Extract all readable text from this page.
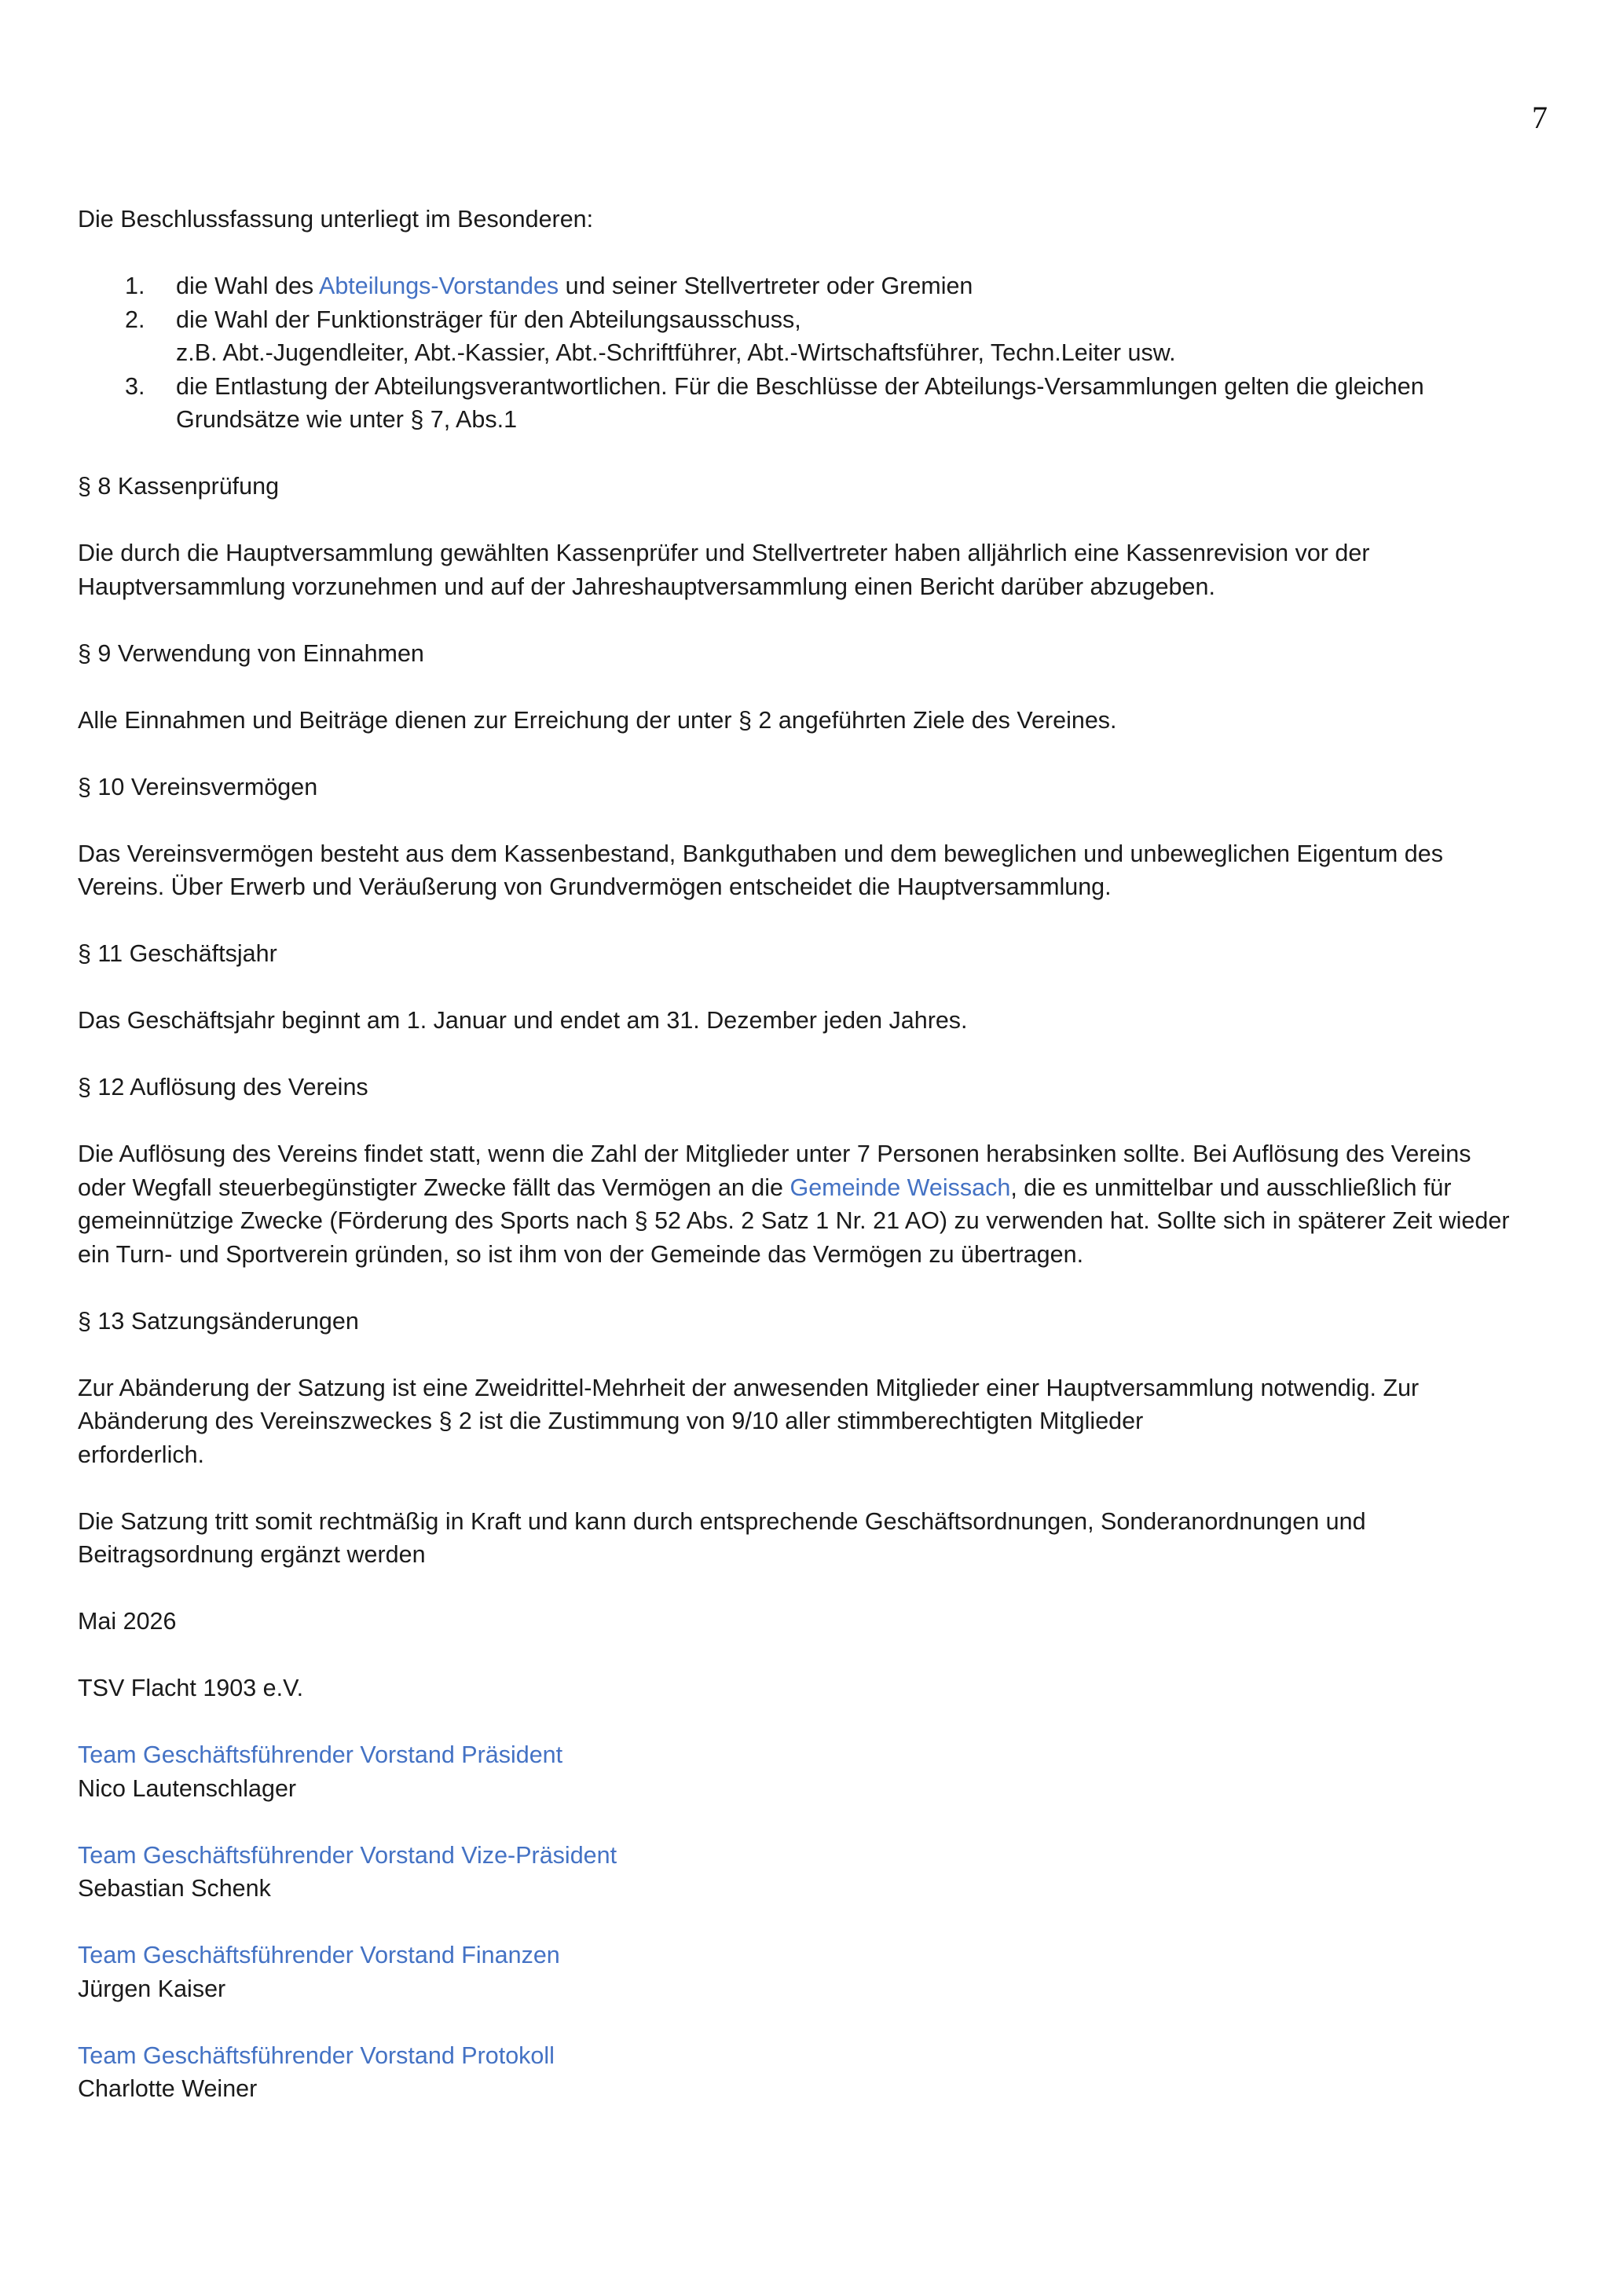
7

Die Beschlussfassung unterliegt im Besonderen:

1. die Wahl des Abteilungs-Vorstandes und seiner Stellvertreter oder Gremien
2. die Wahl der Funktionsträger für den Abteilungsausschuss,
z.B. Abt.-Jugendleiter, Abt.-Kassier, Abt.-Schriftführer, Abt.-Wirtschaftsführer, Techn.Leiter usw.
3. die Entlastung der Abteilungsverantwortlichen. Für die Beschlüsse der Abteilungs-Versammlungen gelten die gleichen
Grundsätze wie unter § 7, Abs.1

§ 8 Kassenprüfung

Die durch die Hauptversammlung gewählten Kassenprüfer und Stellvertreter haben alljährlich eine Kassenrevision vor der
Hauptversammlung vorzunehmen und auf der Jahreshauptversammlung einen Bericht darüber abzugeben.

§ 9 Verwendung von Einnahmen

Alle Einnahmen und Beiträge dienen zur Erreichung der unter § 2 angeführten Ziele des Vereines.

§ 10 Vereinsvermögen

Das Vereinsvermögen besteht aus dem Kassenbestand, Bankguthaben und dem beweglichen und unbeweglichen Eigentum des
Vereins. Über Erwerb und Veräußerung von Grundvermögen entscheidet die Hauptversammlung.

§ 11 Geschäftsjahr

Das Geschäftsjahr beginnt am 1. Januar und endet am 31. Dezember jeden Jahres.

§ 12 Auflösung des Vereins

Die Auflösung des Vereins findet statt, wenn die Zahl der Mitglieder unter 7 Personen herabsinken sollte. Bei Auflösung des Vereins
oder Wegfall steuerbegünstigter Zwecke fällt das Vermögen an die Gemeinde Weissach, die es unmittelbar und ausschließlich für
gemeinnützige Zwecke (Förderung des Sports nach § 52 Abs. 2 Satz 1 Nr. 21 AO) zu verwenden hat. Sollte sich in späterer Zeit wieder
ein Turn- und Sportverein gründen, so ist ihm von der Gemeinde das Vermögen zu übertragen.

§ 13 Satzungsänderungen

Zur Abänderung der Satzung ist eine Zweidrittel-Mehrheit der anwesenden Mitglieder einer Hauptversammlung notwendig. Zur
Abänderung des Vereinszweckes § 2 ist die Zustimmung von 9/10 aller stimmberechtigten Mitglieder
erforderlich.

Die Satzung tritt somit rechtmäßig in Kraft und kann durch entsprechende Geschäftsordnungen, Sonderanordnungen und
Beitragsordnung ergänzt werden

Mai 2026

TSV Flacht 1903 e.V.

Team Geschäftsführender Vorstand Präsident
Nico Lautenschlager
Team Geschäftsführender Vorstand Vize-Präsident
Sebastian Schenk
Team Geschäftsführender Vorstand Finanzen
Jürgen Kaiser
Team Geschäftsführender Vorstand Protokoll
Charlotte Weiner
